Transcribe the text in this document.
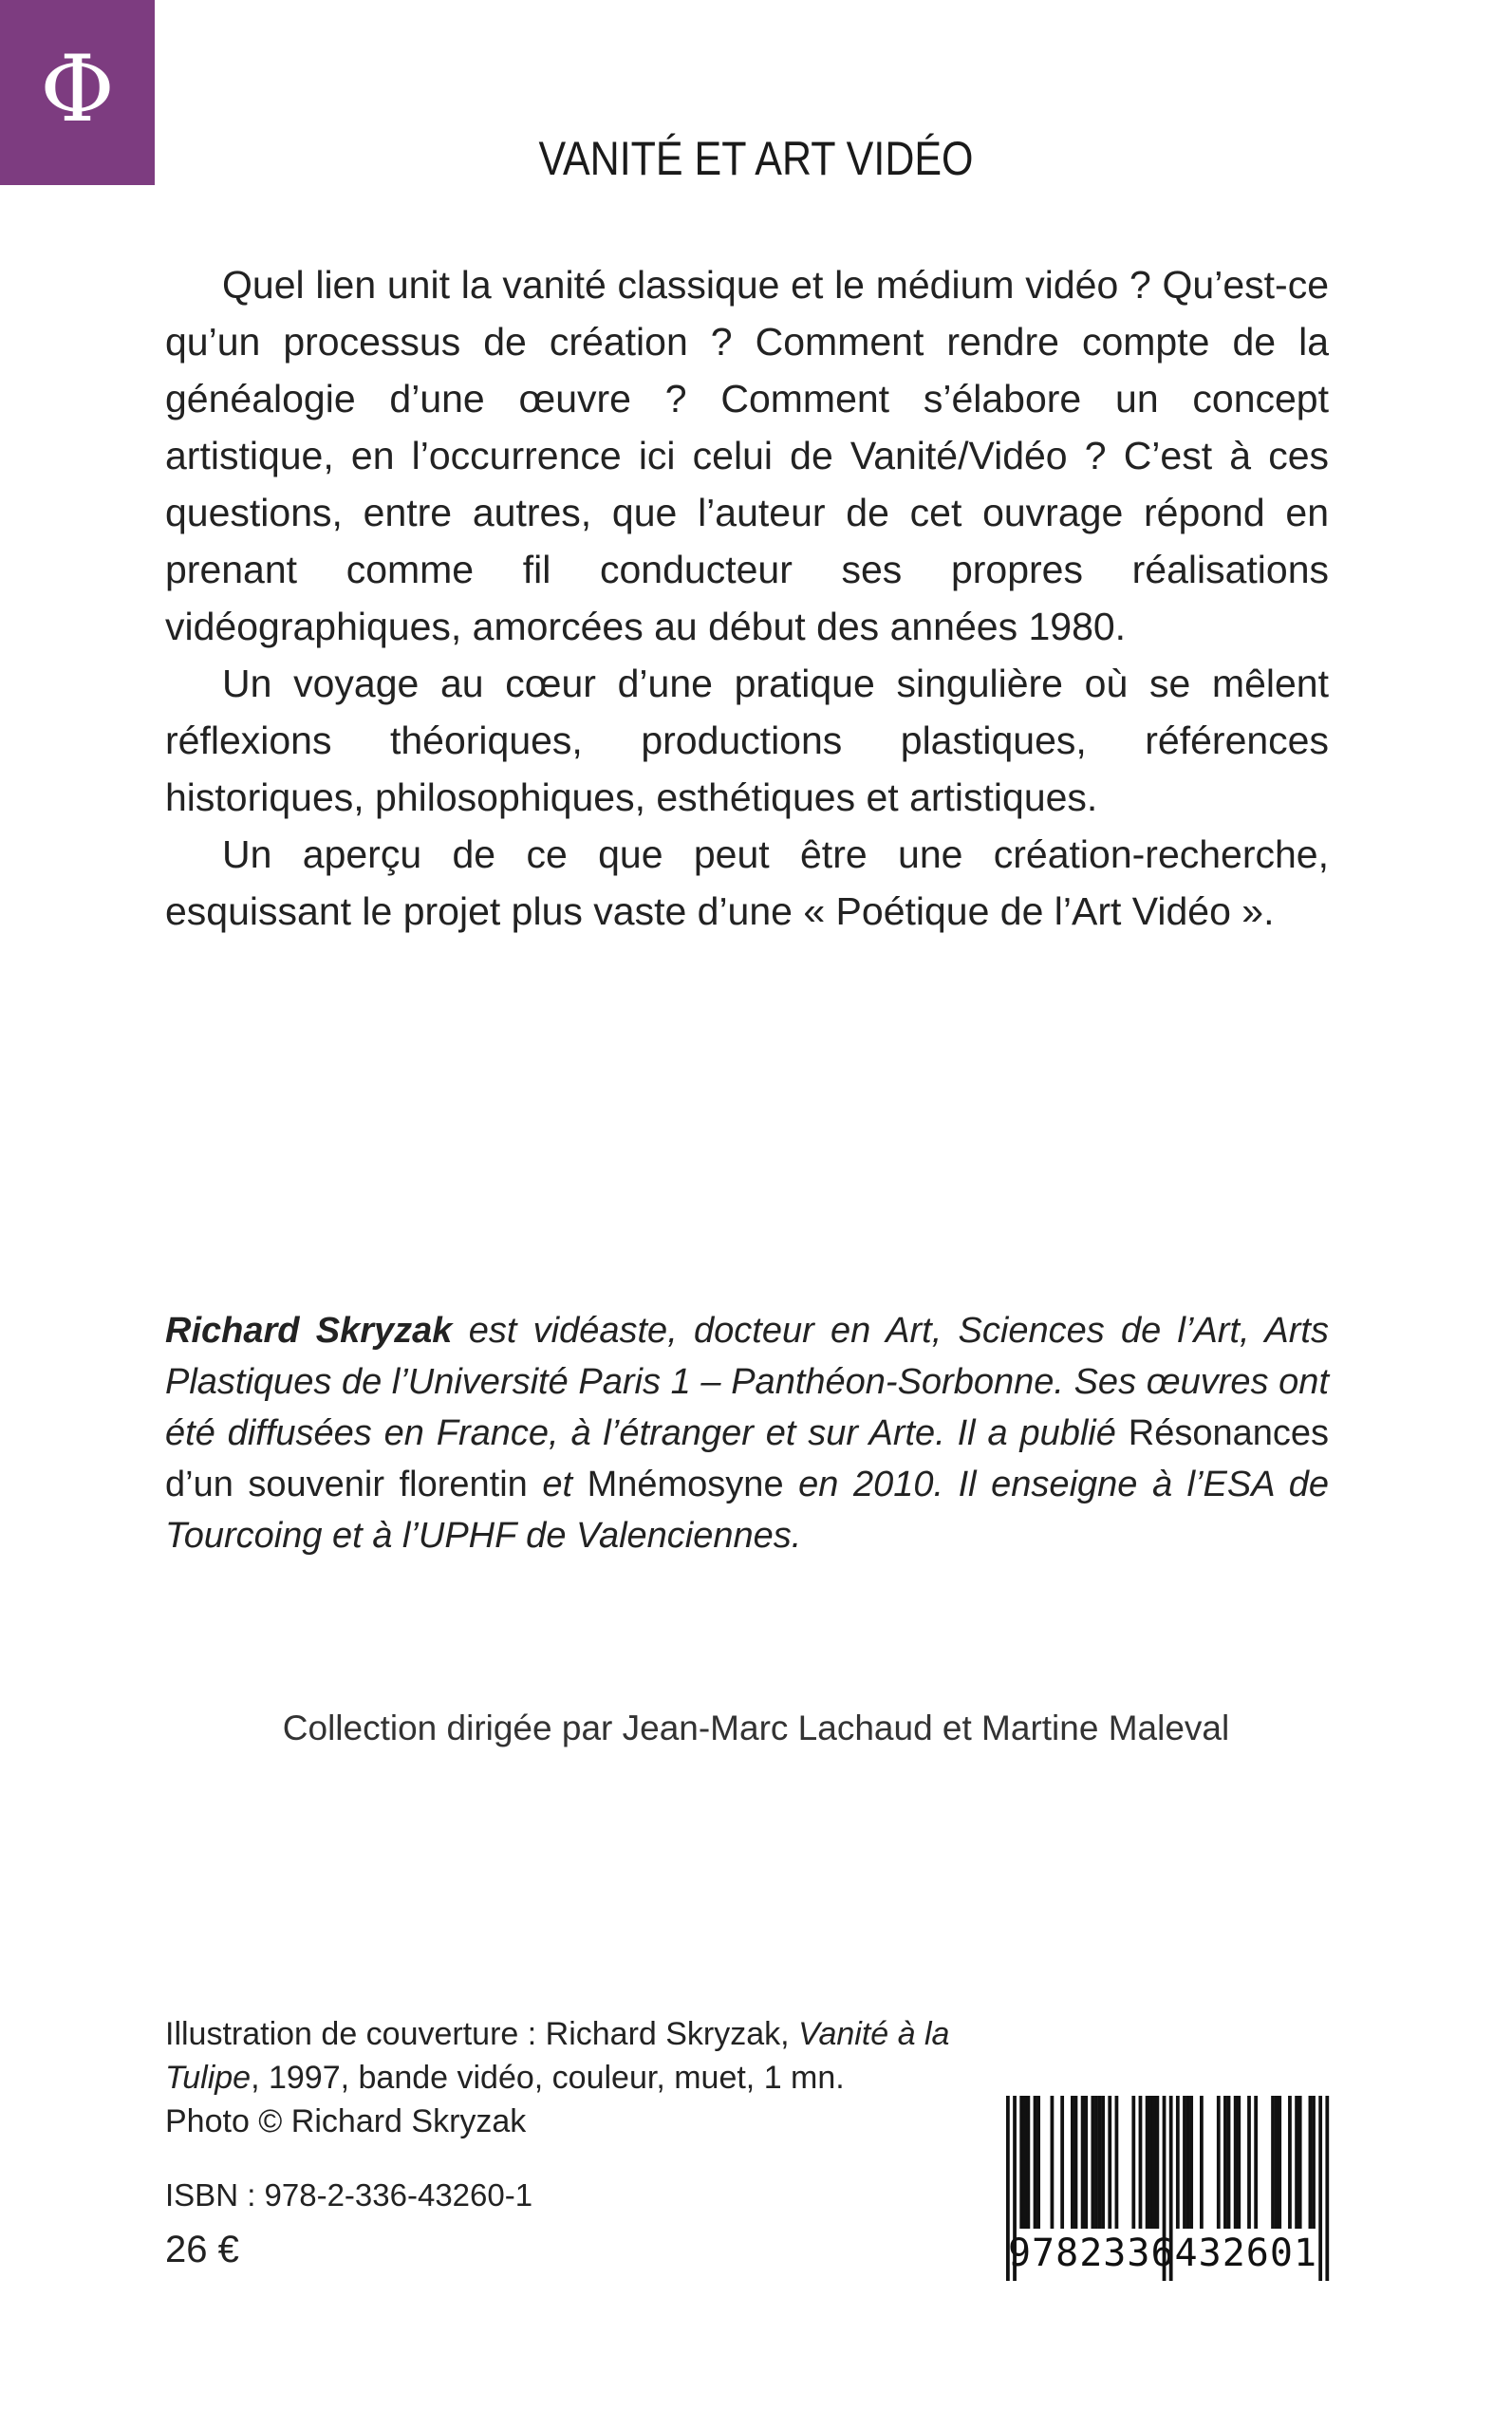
Φ
VANITÉ ET ART VIDÉO

Quel lien unit la vanité classique et le médium vidéo ? Qu’est-ce qu’un processus de création ? Comment rendre compte de la généalogie d’une œuvre ? Comment s’élabore un concept artistique, en l’occurrence ici celui de Vanité/Vidéo ? C’est à ces questions, entre autres, que l’auteur de cet ouvrage répond en prenant comme fil conducteur ses propres réalisations vidéographiques, amorcées au début des années 1980.

Un voyage au cœur d’une pratique singulière où se mêlent réflexions théoriques, productions plastiques, références historiques, philosophiques, esthétiques et artistiques.

Un aperçu de ce que peut être une création-recherche, esquissant le projet plus vaste d’une « Poétique de l’Art Vidéo ».

Richard Skryzak est vidéaste, docteur en Art, Sciences de l’Art, Arts Plastiques de l’Université Paris 1 – Panthéon-Sorbonne. Ses œuvres ont été diffusées en France, à l’étranger et sur Arte. Il a publié Résonances d’un souvenir florentin et Mnémosyne en 2010. Il enseigne à l’ESA de Tourcoing et à l’UPHF de Valenciennes.
Collection dirigée par Jean-Marc Lachaud et Martine Maleval
Illustration de couverture : Richard Skryzak, Vanité à la Tulipe, 1997, bande vidéo, couleur, muet, 1 mn.
Photo © Richard Skryzak
ISBN : 978-2-336-43260-1
26 €	9782336432601
